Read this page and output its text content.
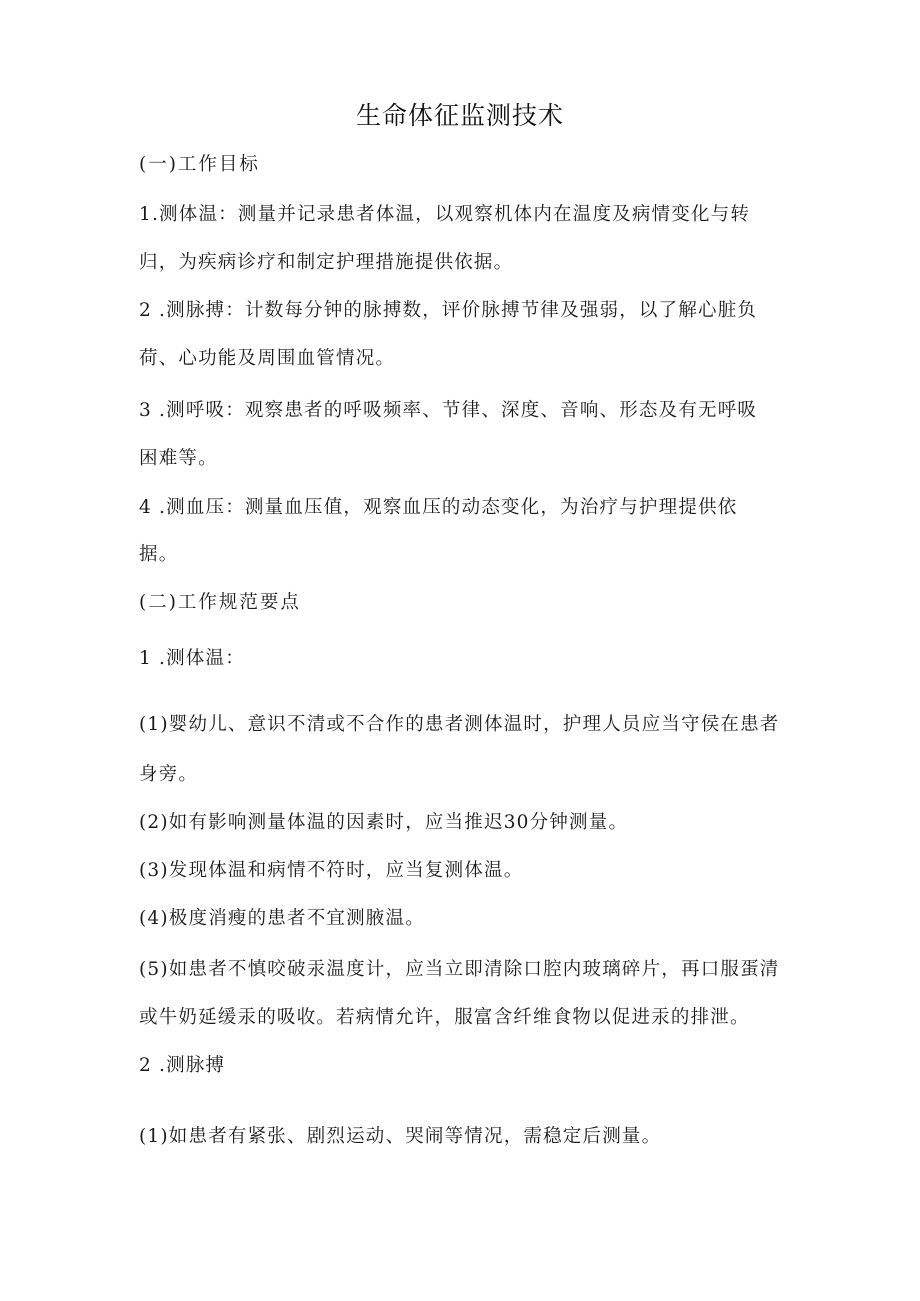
生命体征监测技术
(一)工作目标
1.测体温：测量并记录患者体温，以观察机体内在温度及病情变化与转
归，为疾病诊疗和制定护理措施提供依据。
2 .测脉搏：计数每分钟的脉搏数，评价脉搏节律及强弱，以了解心脏负
荷、心功能及周围血管情况。
3 .测呼吸：观察患者的呼吸频率、节律、深度、音响、形态及有无呼吸
困难等。
4 .测血压：测量血压值，观察血压的动态变化，为治疗与护理提供依
据。
(二)工作规范要点
1 .测体温：
(1)婴幼儿、意识不清或不合作的患者测体温时，护理人员应当守侯在患者
身旁。
(2)如有影响测量体温的因素时，应当推迟30分钟测量。
(3)发现体温和病情不符时，应当复测体温。
(4)极度消瘦的患者不宜测腋温。
(5)如患者不慎咬破汞温度计，应当立即清除口腔内玻璃碎片，再口服蛋清
或牛奶延缓汞的吸收。若病情允许，服富含纤维食物以促进汞的排泄。
2 .测脉搏
(1)如患者有紧张、剧烈运动、哭闹等情况，需稳定后测量。
